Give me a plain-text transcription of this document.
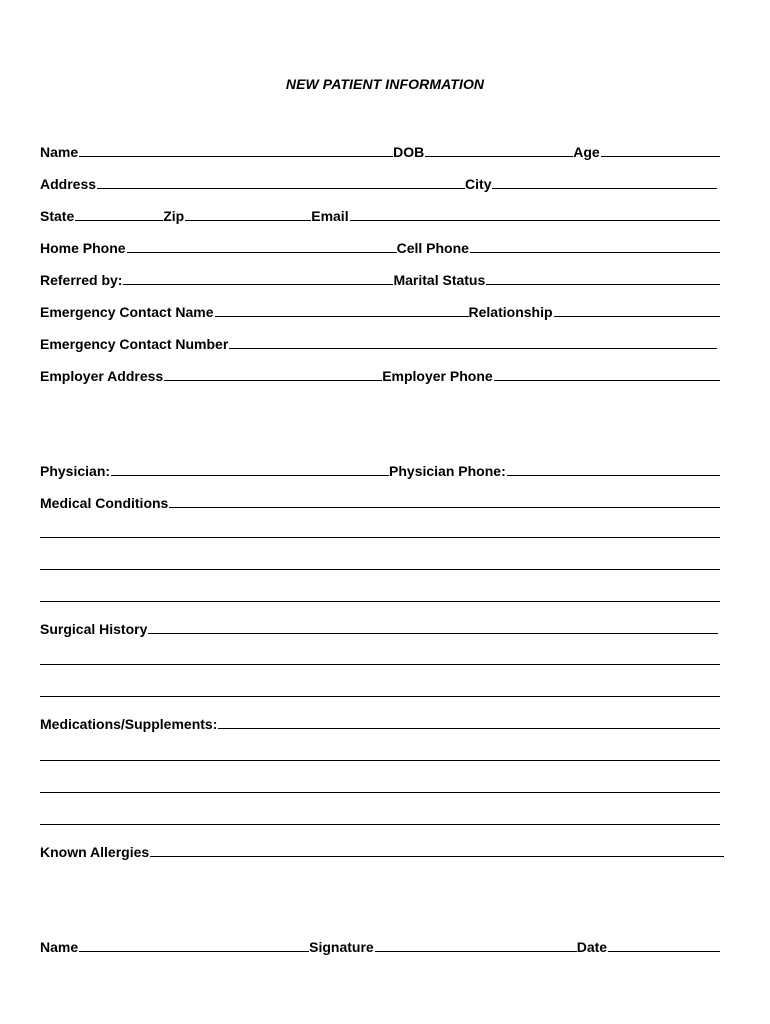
NEW PATIENT INFORMATION
Name	DOB	Age
Address	City
State	Zip	Email
Home Phone	Cell Phone
Referred by:	Marital Status
Emergency Contact Name	Relationship
Emergency Contact Number
Employer Address	Employer Phone
Physician:	Physician Phone:
Medical Conditions
Surgical History
Medications/Supplements:
Known Allergies
Name	Signature	Date
